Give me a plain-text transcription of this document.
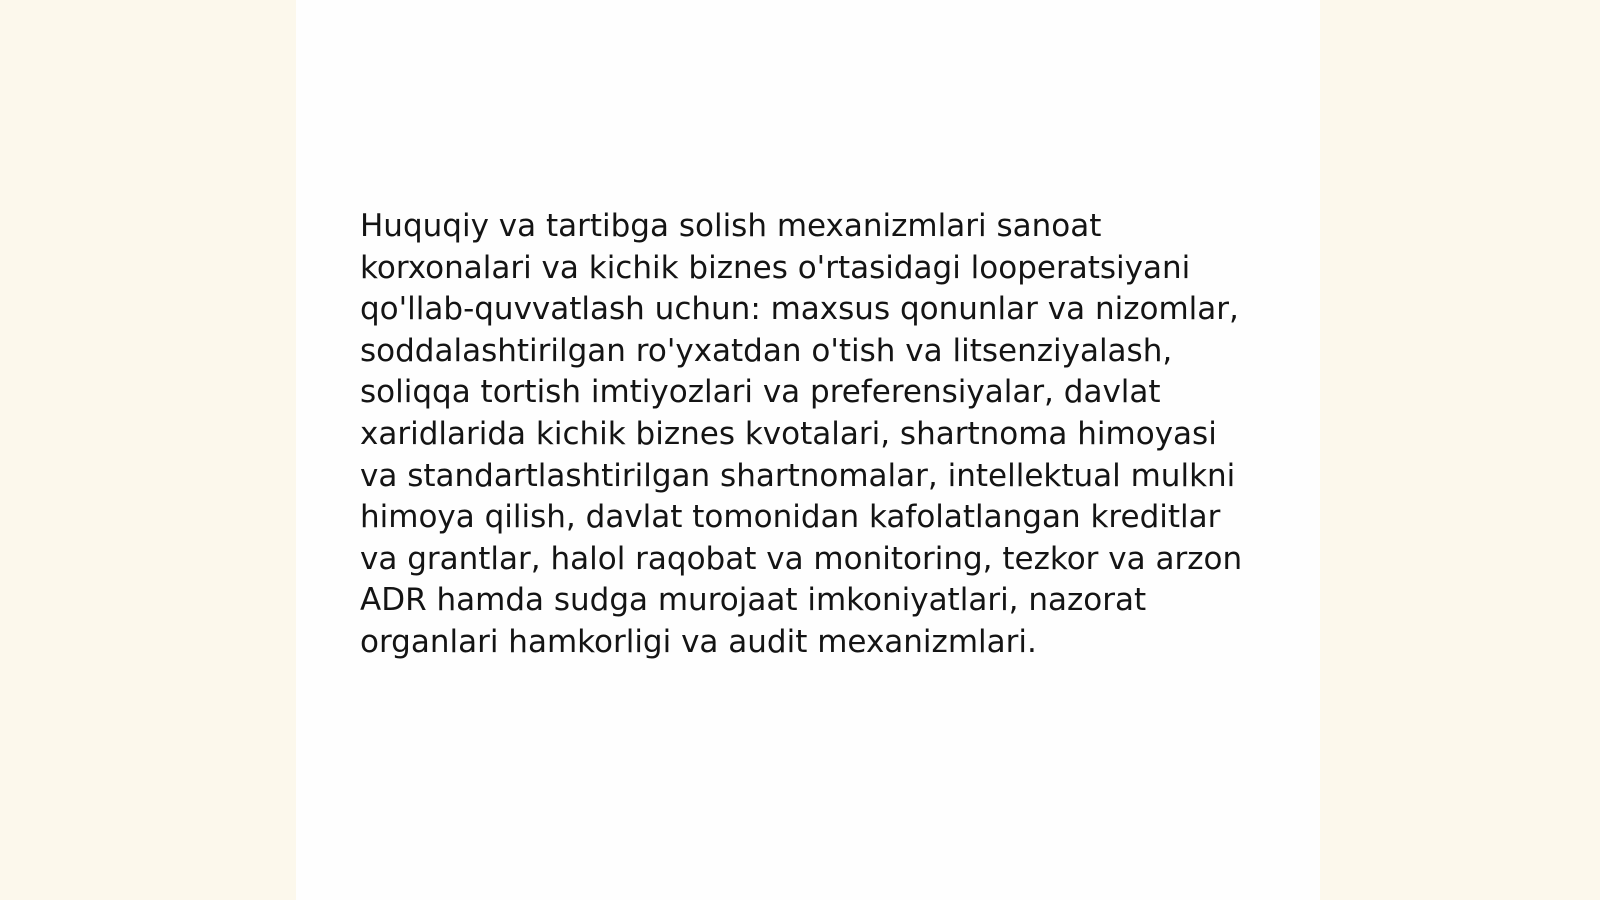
Huquqiy va tartibga solish mexanizmlari sanoat korxonalari va kichik biznes o'rtasidagi looperatsiyani qo'llab-quvvatlash uchun: maxsus qonunlar va nizomlar, soddalashtirilgan ro'yxatdan o'tish va litsenziyalash, soliqqa tortish imtiyozlari va preferensiyalar, davlat xaridlarida kichik biznes kvotalari, shartnoma himoyasi va standartlashtirilgan shartnomalar, intellektual mulkni himoya qilish, davlat tomonidan kafolatlangan kreditlar va grantlar, halol raqobat va monitoring, tezkor va arzon ADR hamda sudga murojaat imkoniyatlari, nazorat organlari hamkorligi va audit mexanizmlari.
